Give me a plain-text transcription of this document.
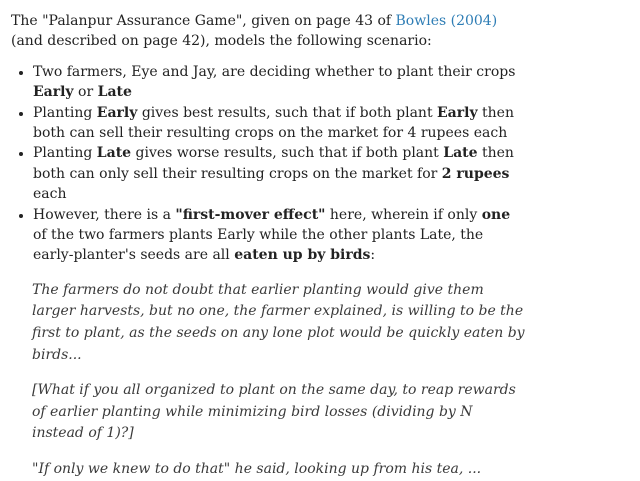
The "Palanpur Assurance Game", given on page 43 of Bowles (2004) (and described on page 42), models the following scenario:

• Two farmers, Eye and Jay, are deciding whether to plant their crops Early or Late
• Planting Early gives best results, such that if both plant Early then both can sell their resulting crops on the market for 4 rupees each
• Planting Late gives worse results, such that if both plant Late then both can only sell their resulting crops on the market for 2 rupees each
• However, there is a "first-mover effect" here, wherein if only one of the two farmers plants Early while the other plants Late, the early-planter's seeds are all eaten up by birds:

The farmers do not doubt that earlier planting would give them larger harvests, but no one, the farmer explained, is willing to be the first to plant, as the seeds on any lone plot would be quickly eaten by birds...

[What if you all organized to plant on the same day, to reap rewards of earlier planting while minimizing bird losses (dividing by N instead of 1)?]

"If only we knew to do that" he said, looking up from his tea, ...
